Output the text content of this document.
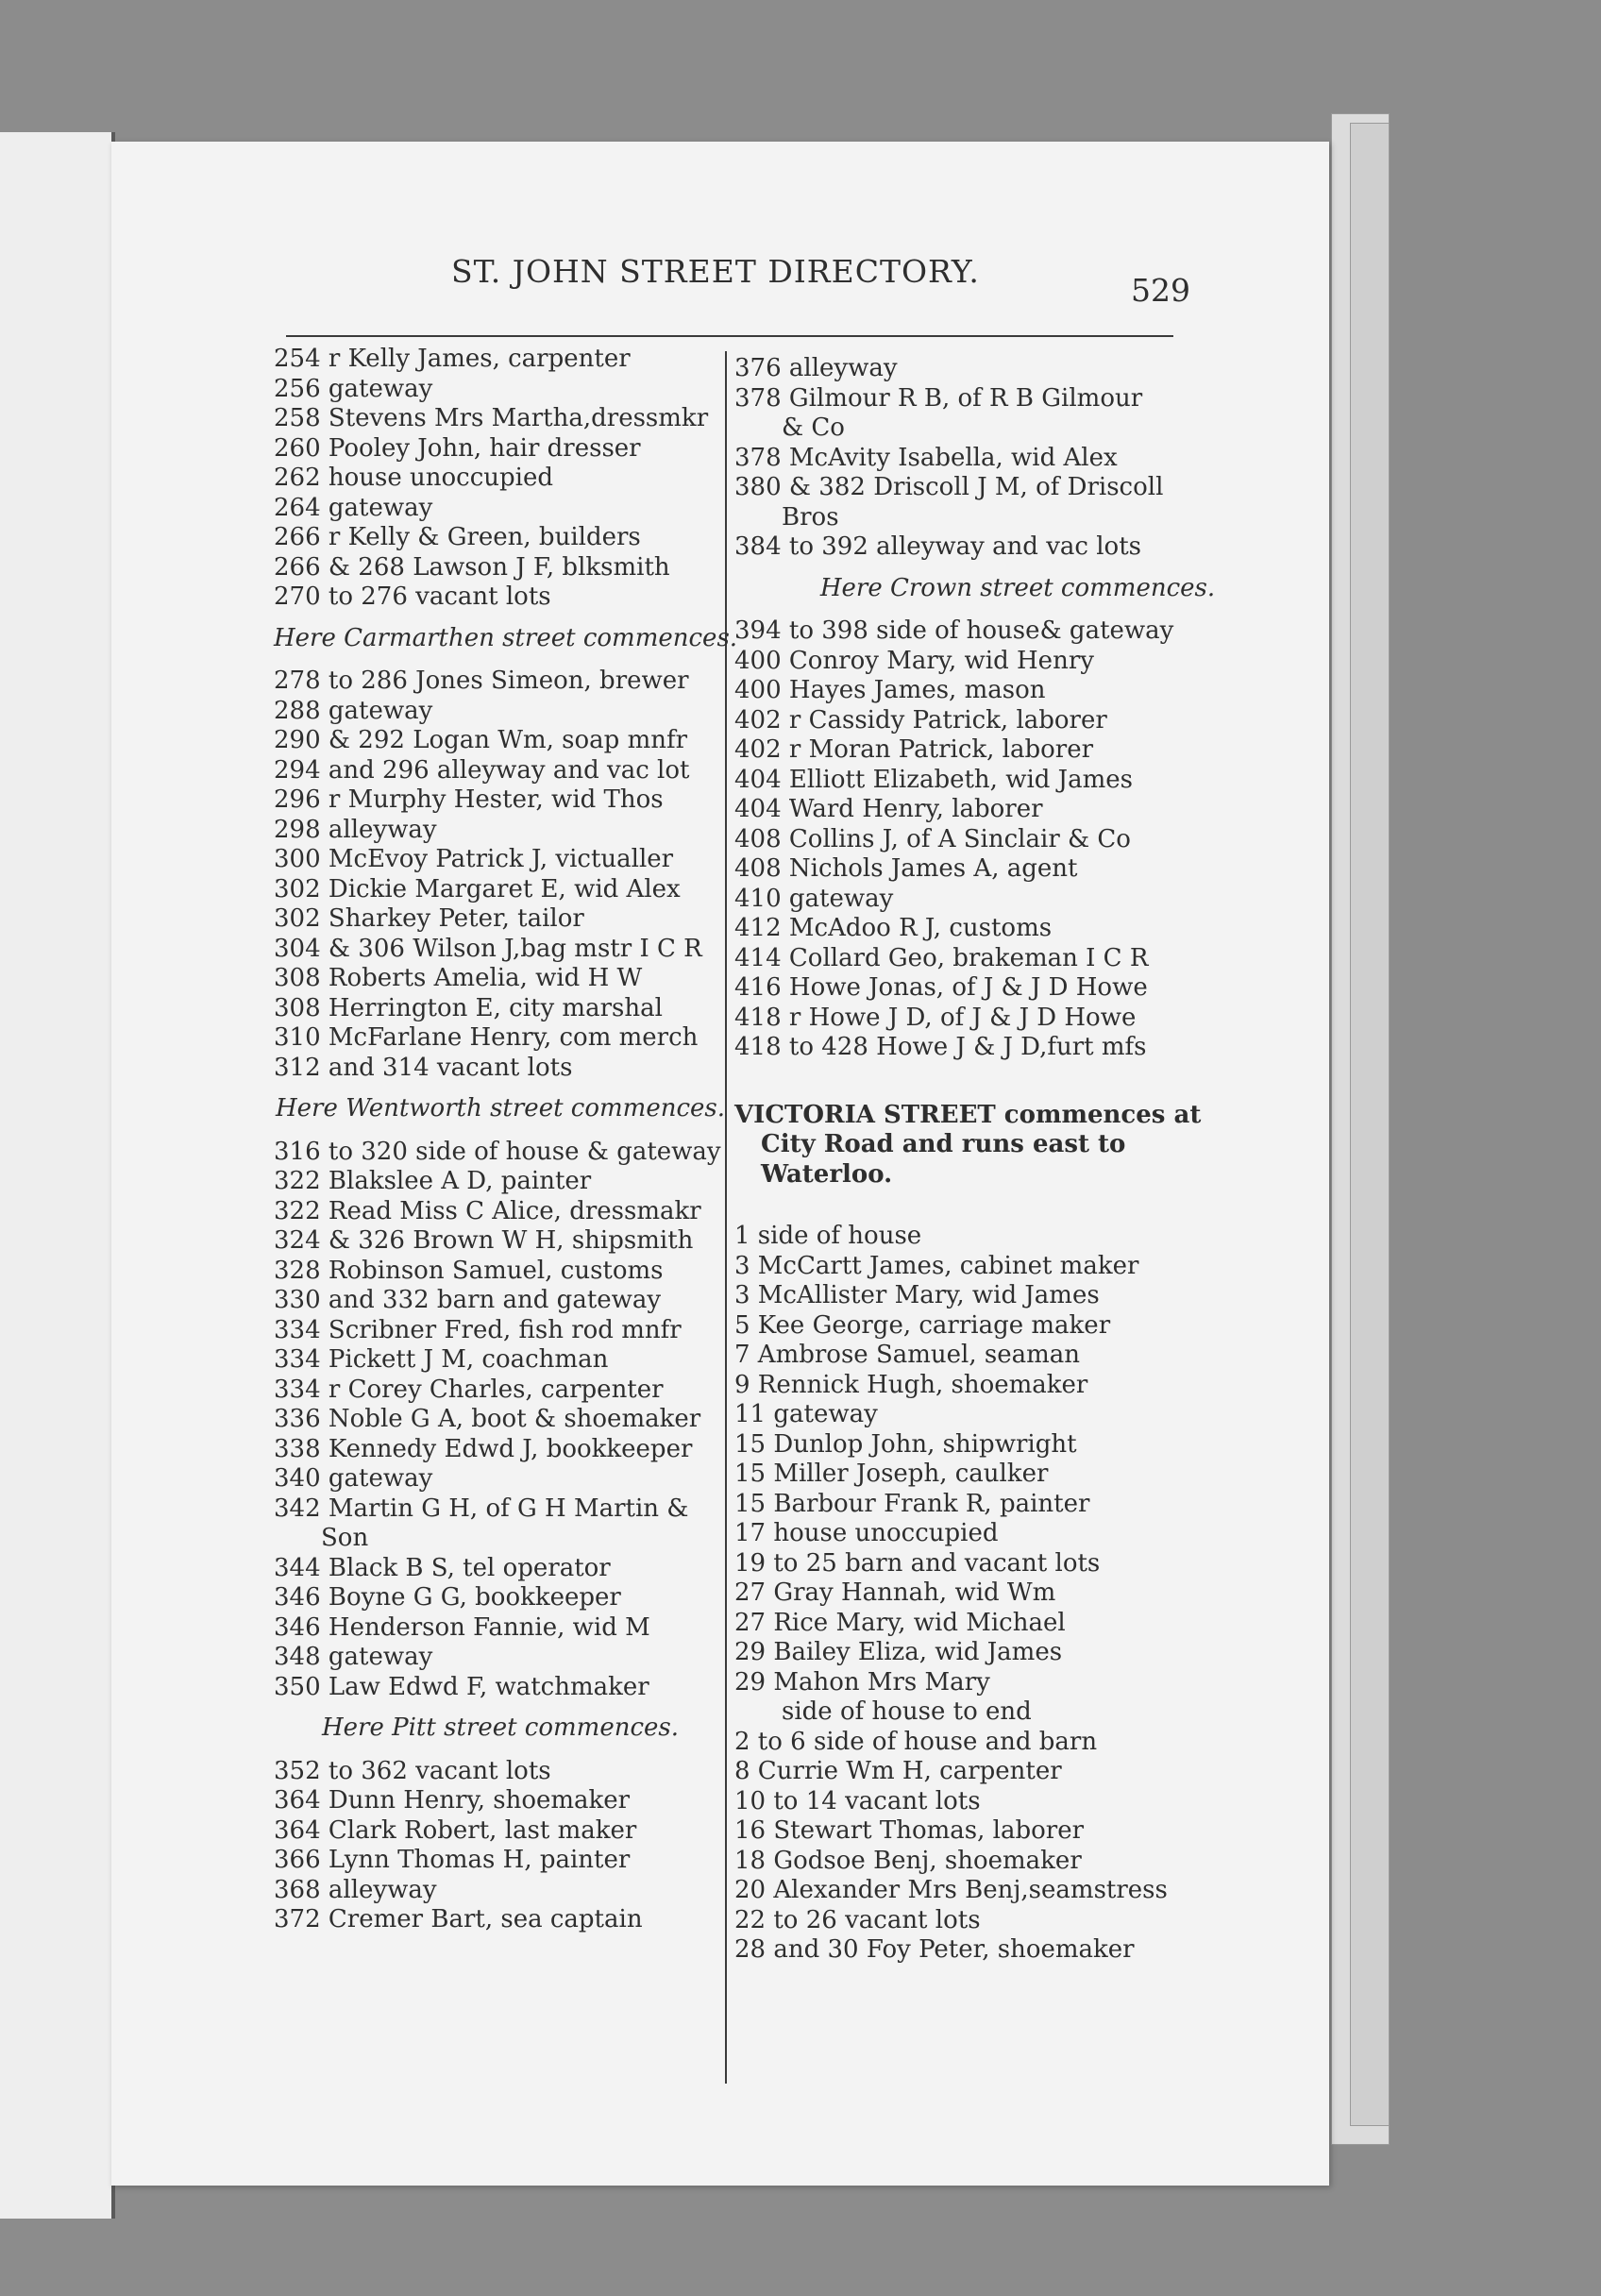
ST. JOHN STREET DIRECTORY.
529
254 r Kelly James, carpenter
256 gateway
258 Stevens Mrs Martha,dressmkr
260 Pooley John, hair dresser
262 house unoccupied
264 gateway
266 r Kelly & Green, builders
266 & 268 Lawson J F, blksmith
270 to 276 vacant lots
Here Carmarthen street commences.
278 to 286 Jones Simeon, brewer
288 gateway
290 & 292 Logan Wm, soap mnfr
294 and 296 alleyway and vac lot
296 r Murphy Hester, wid Thos
298 alleyway
300 McEvoy Patrick J, victualler
302 Dickie Margaret E, wid Alex
302 Sharkey Peter, tailor
304 & 306 Wilson J,bag mstr I C R
308 Roberts Amelia, wid H W
308 Herrington E, city marshal
310 McFarlane Henry, com merch
312 and 314 vacant lots
Here Wentworth street commences.
316 to 320 side of house & gateway
322 Blakslee A D, painter
322 Read Miss C Alice, dressmakr
324 & 326 Brown W H, shipsmith
328 Robinson Samuel, customs
330 and 332 barn and gateway
334 Scribner Fred, fish rod mnfr
334 Pickett J M, coachman
334 r Corey Charles, carpenter
336 Noble G A, boot & shoemaker
338 Kennedy Edwd J, bookkeeper
340 gateway
342 Martin G H, of G H Martin &
Son
344 Black B S, tel operator
346 Boyne G G, bookkeeper
346 Henderson Fannie, wid M
348 gateway
350 Law Edwd F, watchmaker
Here Pitt street commences.
352 to 362 vacant lots
364 Dunn Henry, shoemaker
364 Clark Robert, last maker
366 Lynn Thomas H, painter
368 alleyway
372 Cremer Bart, sea captain
376 alleyway
378 Gilmour R B, of R B Gilmour
& Co
378 McAvity Isabella, wid Alex
380 & 382 Driscoll J M, of Driscoll
Bros
384 to 392 alleyway and vac lots
Here Crown street commences.
394 to 398 side of house& gateway
400 Conroy Mary, wid Henry
400 Hayes James, mason
402 r Cassidy Patrick, laborer
402 r Moran Patrick, laborer
404 Elliott Elizabeth, wid James
404 Ward Henry, laborer
408 Collins J, of A Sinclair & Co
408 Nichols James A, agent
410 gateway
412 McAdoo R J, customs
414 Collard Geo, brakeman I C R
416 Howe Jonas, of J & J D Howe
418 r Howe J D, of J & J D Howe
418 to 428 Howe J & J D,furt mfs
VICTORIA STREET commences at
City Road and runs east to
Waterloo.
1 side of house
3 McCartt James, cabinet maker
3 McAllister Mary, wid James
5 Kee George, carriage maker
7 Ambrose Samuel, seaman
9 Rennick Hugh, shoemaker
11 gateway
15 Dunlop John, shipwright
15 Miller Joseph, caulker
15 Barbour Frank R, painter
17 house unoccupied
19 to 25 barn and vacant lots
27 Gray Hannah, wid Wm
27 Rice Mary, wid Michael
29 Bailey Eliza, wid James
29 Mahon Mrs Mary
side of house to end
2 to 6 side of house and barn
8 Currie Wm H, carpenter
10 to 14 vacant lots
16 Stewart Thomas, laborer
18 Godsoe Benj, shoemaker
20 Alexander Mrs Benj,seamstress
22 to 26 vacant lots
28 and 30 Foy Peter, shoemaker
